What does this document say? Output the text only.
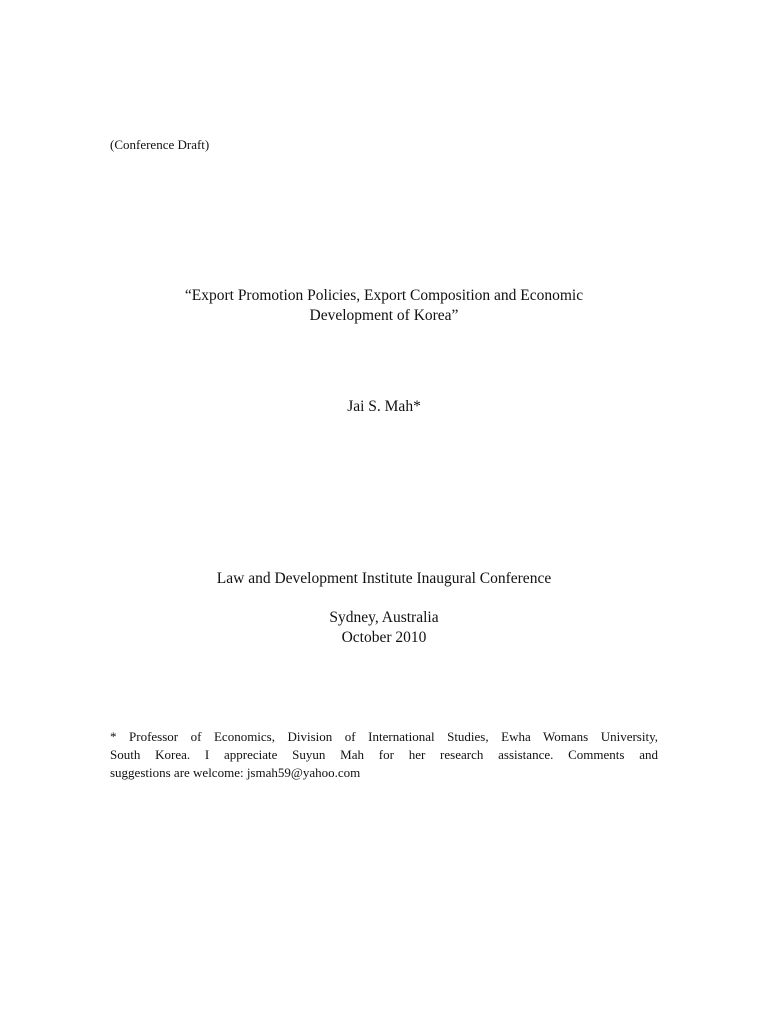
(Conference Draft)
“Export Promotion Policies, Export Composition and Economic
Development of Korea”
Jai S. Mah*
Law and Development Institute Inaugural Conference
Sydney, Australia
October 2010
* Professor of Economics, Division of International Studies, Ewha Womans University,
South Korea. I appreciate Suyun Mah for her research assistance. Comments and
suggestions are welcome: jsmah59@yahoo.com
